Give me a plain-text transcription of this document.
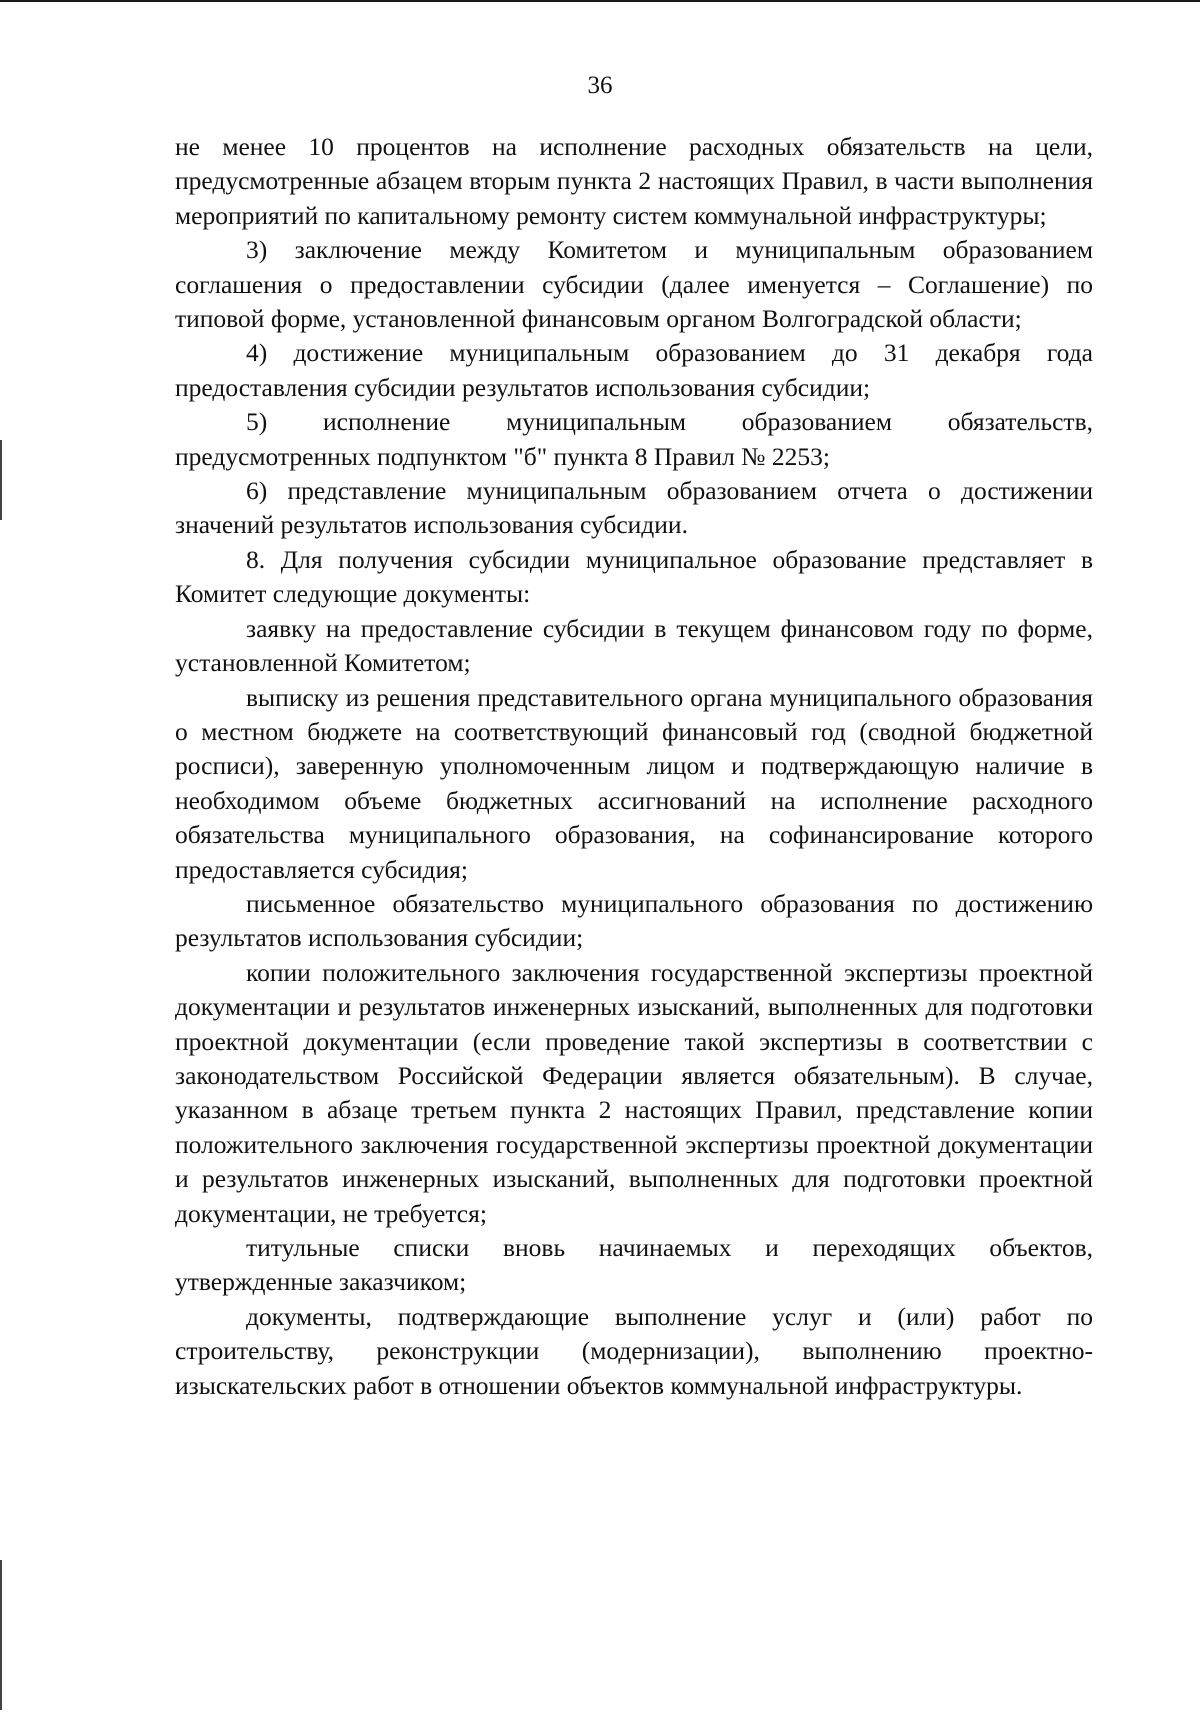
36

не менее 10 процентов на исполнение расходных обязательств на цели, предусмотренные абзацем вторым пункта 2 настоящих Правил, в части выполнения мероприятий по капитальному ремонту систем коммунальной инфраструктуры;

3) заключение между Комитетом и муниципальным образованием соглашения о предоставлении субсидии (далее именуется – Соглашение) по типовой форме, установленной финансовым органом Волгоградской области;

4) достижение муниципальным образованием до 31 декабря года предоставления субсидии результатов использования субсидии;

5) исполнение муниципальным образованием обязательств, предусмотренных подпунктом "б" пункта 8 Правил № 2253;

6) представление муниципальным образованием отчета о достижении значений результатов использования субсидии.

8. Для получения субсидии муниципальное образование представляет в Комитет следующие документы:

заявку на предоставление субсидии в текущем финансовом году по форме, установленной Комитетом;

выписку из решения представительного органа муниципального образования о местном бюджете на соответствующий финансовый год (сводной бюджетной росписи), заверенную уполномоченным лицом и подтверждающую наличие в необходимом объеме бюджетных ассигнований на исполнение расходного обязательства муниципального образования, на софинансирование которого предоставляется субсидия;

письменное обязательство муниципального образования по достижению результатов использования субсидии;

копии положительного заключения государственной экспертизы проектной документации и результатов инженерных изысканий, выполненных для подготовки проектной документации (если проведение такой экспертизы в соответствии с законодательством Российской Федерации является обязательным). В случае, указанном в абзаце третьем пункта 2 настоящих Правил, представление копии положительного заключения государственной экспертизы проектной документации и результатов инженерных изысканий, выполненных для подготовки проектной документации, не требуется;

титульные списки вновь начинаемых и переходящих объектов, утвержденные заказчиком;

документы, подтверждающие выполнение услуг и (или) работ по строительству, реконструкции (модернизации), выполнению проектно-изыскательских работ в отношении объектов коммунальной инфраструктуры.
